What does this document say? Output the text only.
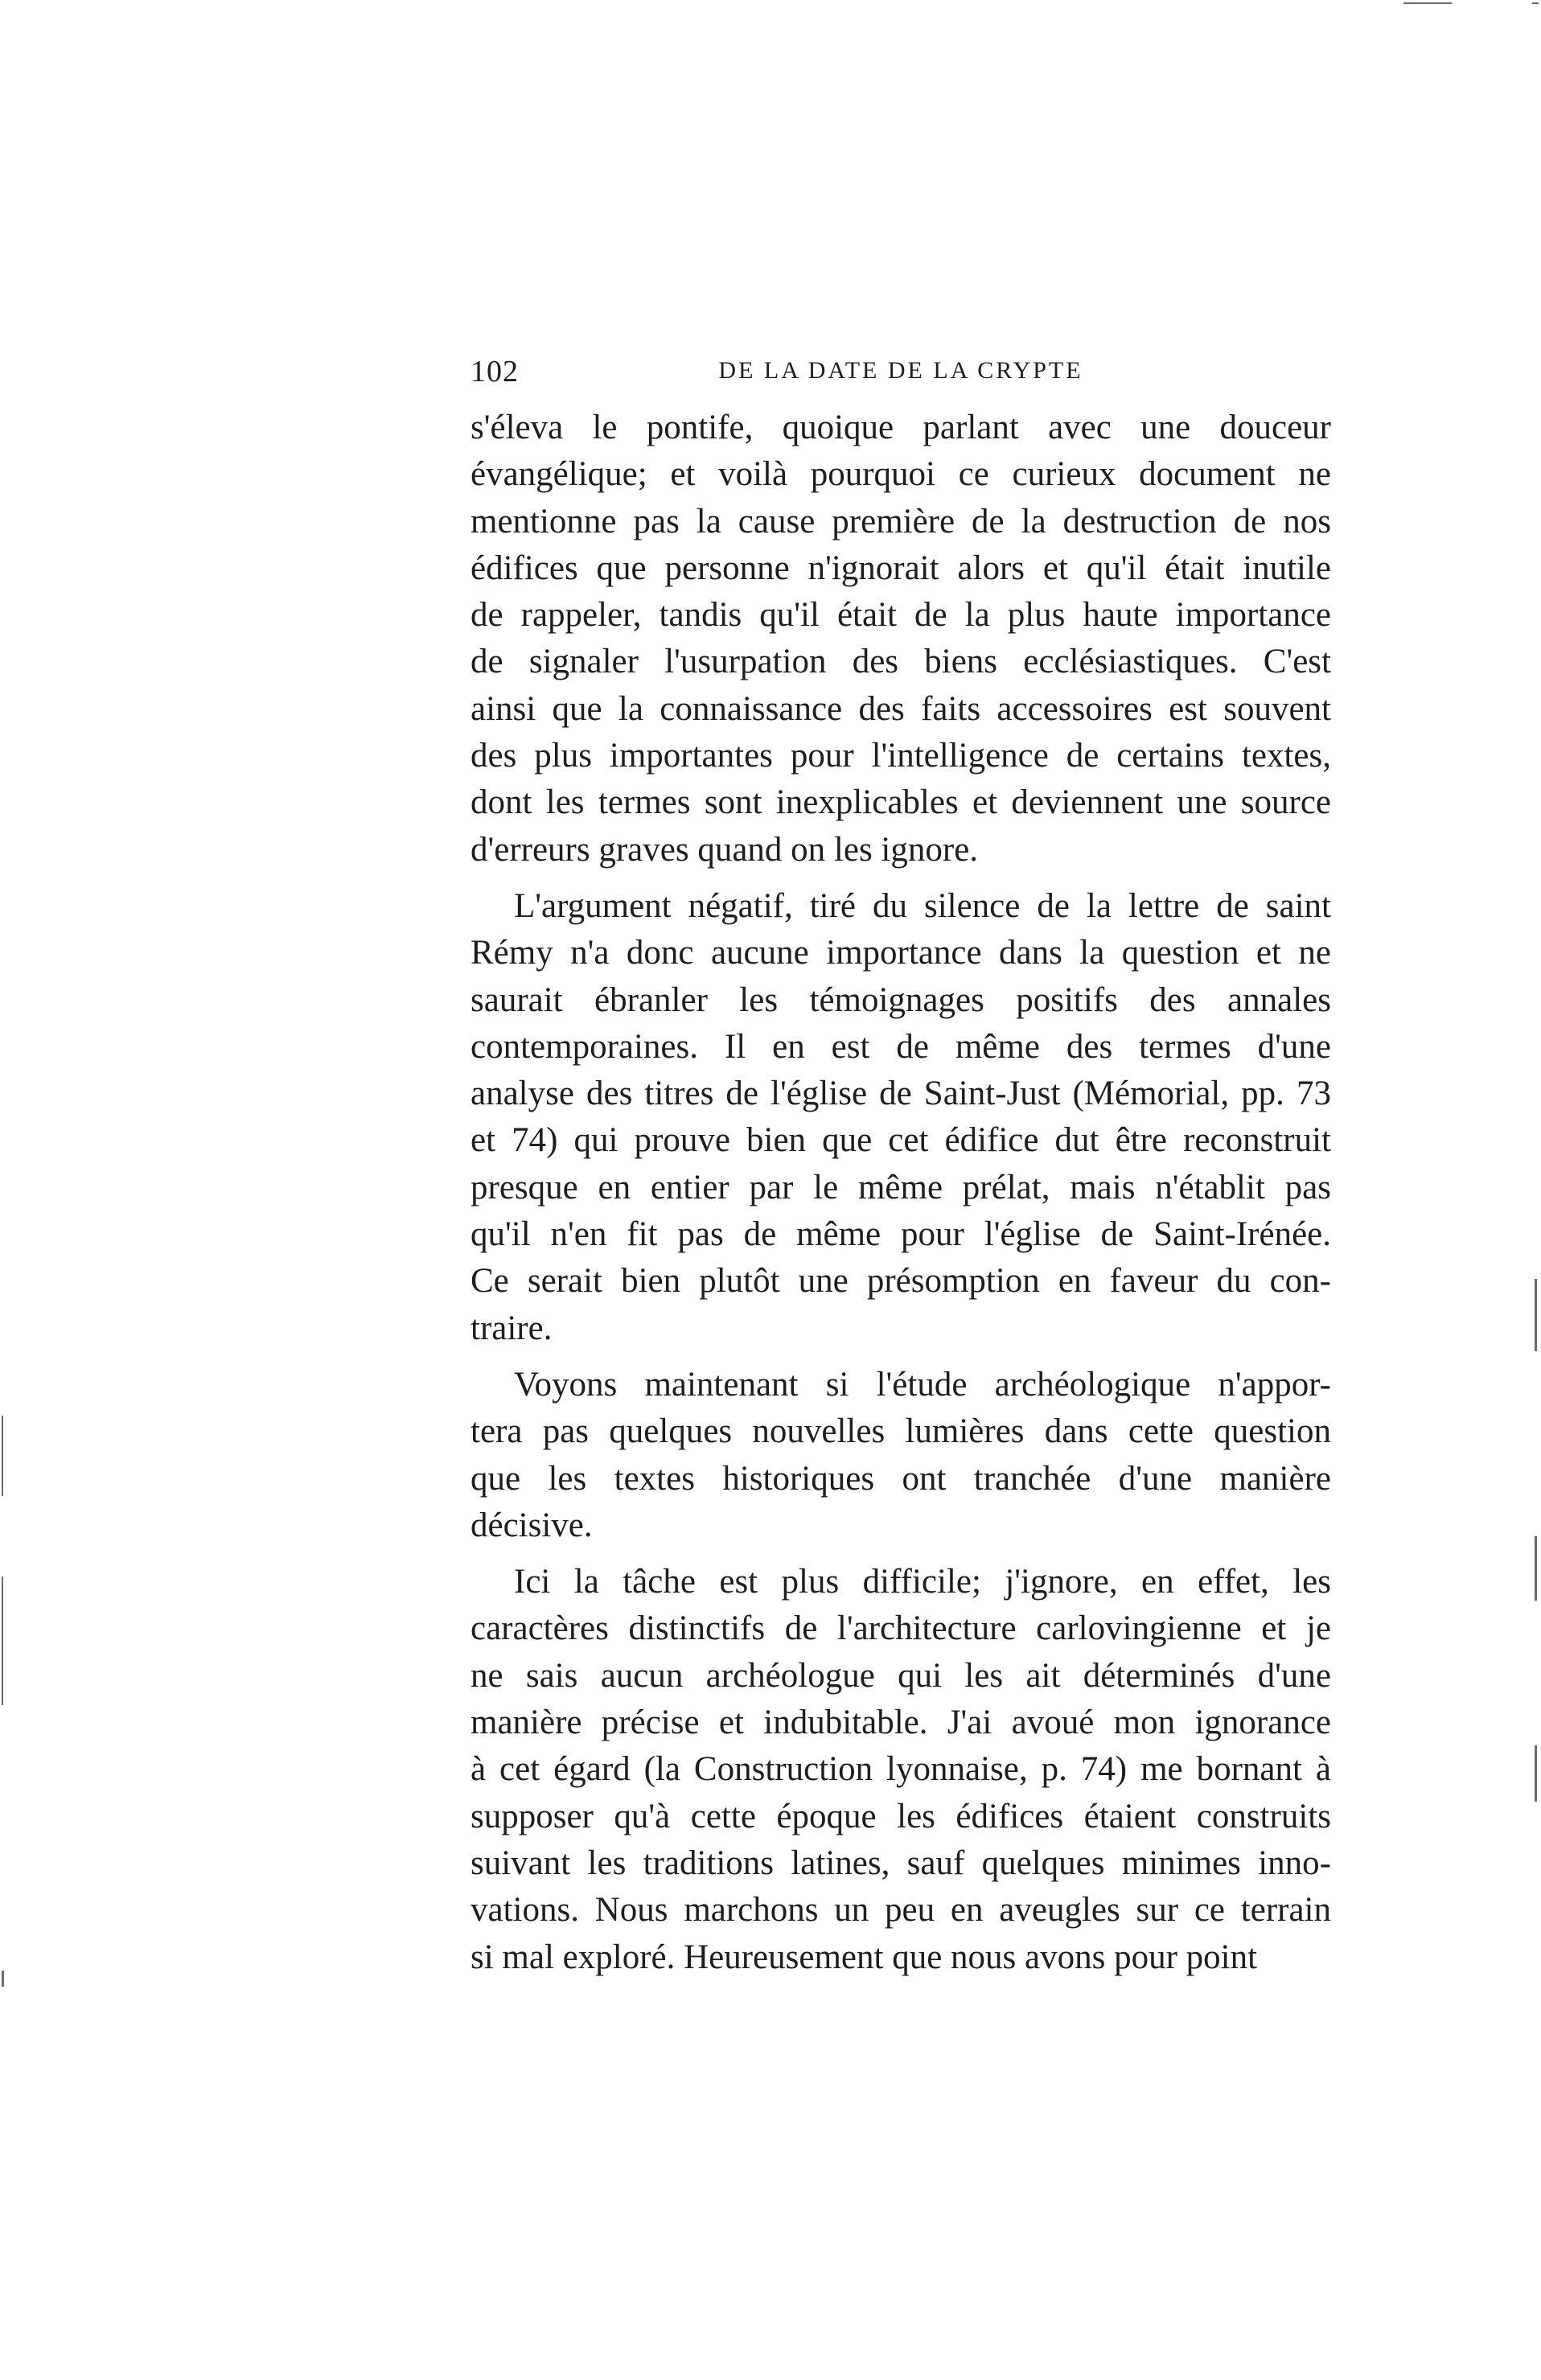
102	DE LA DATE DE LA CRYPTE
s'éleva le pontife, quoique parlant avec une douceur
évangélique; et voilà pourquoi ce curieux document ne
mentionne pas la cause première de la destruction de nos
édifices que personne n'ignorait alors et qu'il était inutile
de rappeler, tandis qu'il était de la plus haute importance
de signaler l'usurpation des biens ecclésiastiques. C'est
ainsi que la connaissance des faits accessoires est souvent
des plus importantes pour l'intelligence de certains textes,
dont les termes sont inexplicables et deviennent une source
d'erreurs graves quand on les ignore.
L'argument négatif, tiré du silence de la lettre de saint
Rémy n'a donc aucune importance dans la question et ne
saurait ébranler les témoignages positifs des annales
contemporaines. Il en est de même des termes d'une
analyse des titres de l'église de Saint-Just (Mémorial, pp. 73
et 74) qui prouve bien que cet édifice dut être reconstruit
presque en entier par le même prélat, mais n'établit pas
qu'il n'en fit pas de même pour l'église de Saint-Irénée.
Ce serait bien plutôt une présomption en faveur du con-
traire.
Voyons maintenant si l'étude archéologique n'appor-
tera pas quelques nouvelles lumières dans cette question
que les textes historiques ont tranchée d'une manière
décisive.
Ici la tâche est plus difficile; j'ignore, en effet, les
caractères distinctifs de l'architecture carlovingienne et je
ne sais aucun archéologue qui les ait déterminés d'une
manière précise et indubitable. J'ai avoué mon ignorance
à cet égard (la Construction lyonnaise, p. 74) me bornant à
supposer qu'à cette époque les édifices étaient construits
suivant les traditions latines, sauf quelques minimes inno-
vations. Nous marchons un peu en aveugles sur ce terrain
si mal exploré. Heureusement que nous avons pour point
